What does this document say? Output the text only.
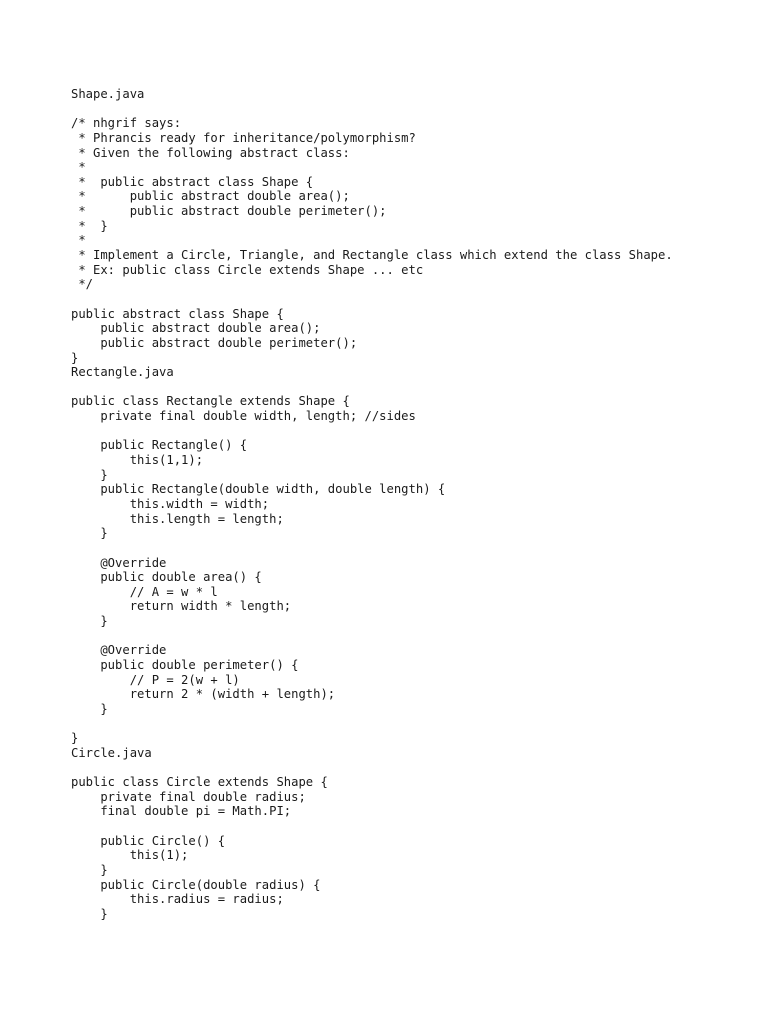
Shape.java
/* nhgrif says:
* Phrancis ready for inheritance/polymorphism?
* Given the following abstract class:
*
*  public abstract class Shape {
*      public abstract double area();
*      public abstract double perimeter();
*  }
*
* Implement a Circle, Triangle, and Rectangle class which extend the class Shape.
* Ex: public class Circle extends Shape ... etc
*/
public abstract class Shape {
public abstract double area();
public abstract double perimeter();
}
Rectangle.java
public class Rectangle extends Shape {
private final double width, length; //sides
public Rectangle() {
this(1,1);
}
public Rectangle(double width, double length) {
this.width = width;
this.length = length;
}
@Override
public double area() {
// A = w * l
return width * length;
}
@Override
public double perimeter() {
// P = 2(w + l)
return 2 * (width + length);
}
}
Circle.java
public class Circle extends Shape {
private final double radius;
final double pi = Math.PI;
public Circle() {
this(1);
}
public Circle(double radius) {
this.radius = radius;
}
